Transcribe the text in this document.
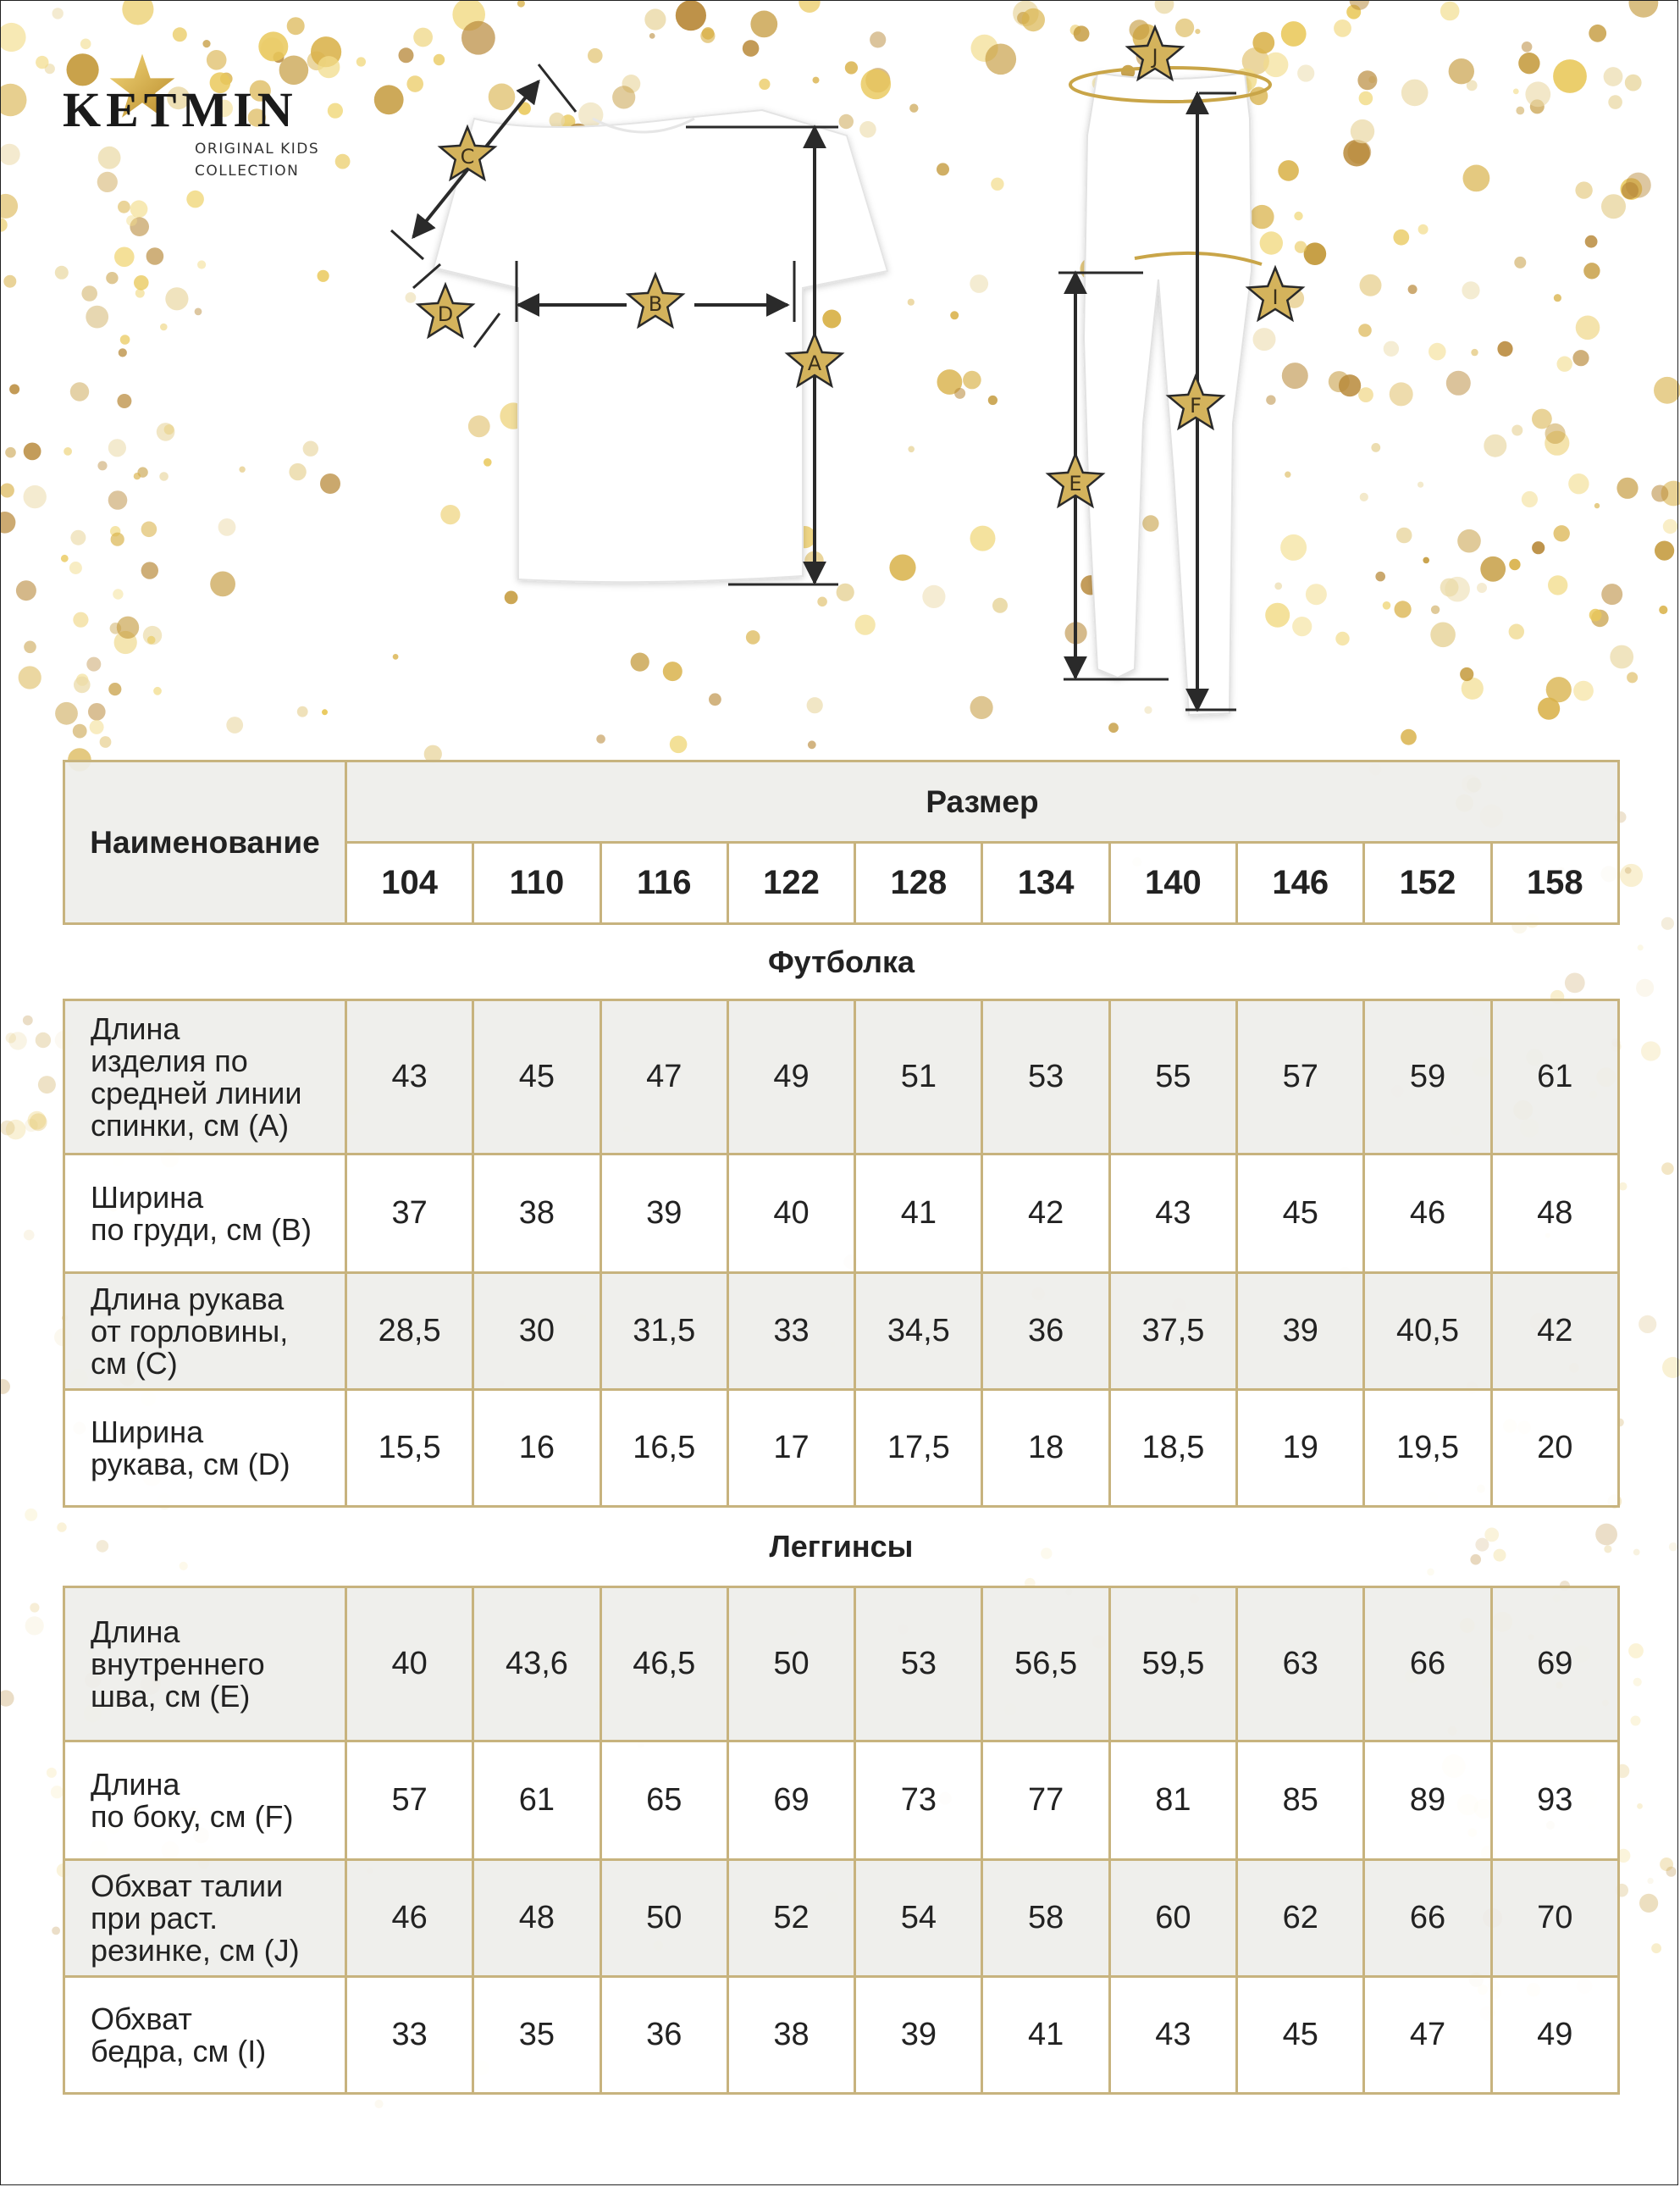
KETMIN
ORIGINAL KIDS
COLLECTION
A
B
C
D
E
F
I
J
Наименование	Размер									
	104	110	116	122	128	134	140	146	152	158
Футболка										
Длина
изделия по
средней линии
спинки, см (А)	43	45	47	49	51	53	55	57	59	61
Ширина
по груди, см (B)	37	38	39	40	41	42	43	45	46	48
Длина рукава
от горловины,
см (C)	28,5	30	31,5	33	34,5	36	37,5	39	40,5	42
Ширина
рукава, см (D)	15,5	16	16,5	17	17,5	18	18,5	19	19,5	20
Леггинсы										
Длина
внутреннего
шва, см (E)	40	43,6	46,5	50	53	56,5	59,5	63	66	69
Длина
по боку, см (F)	57	61	65	69	73	77	81	85	89	93
Обхват талии
при раст.
резинке, см (J)	46	48	50	52	54	58	60	62	66	70
Обхват
бедра, см (I)	33	35	36	38	39	41	43	45	47	49
